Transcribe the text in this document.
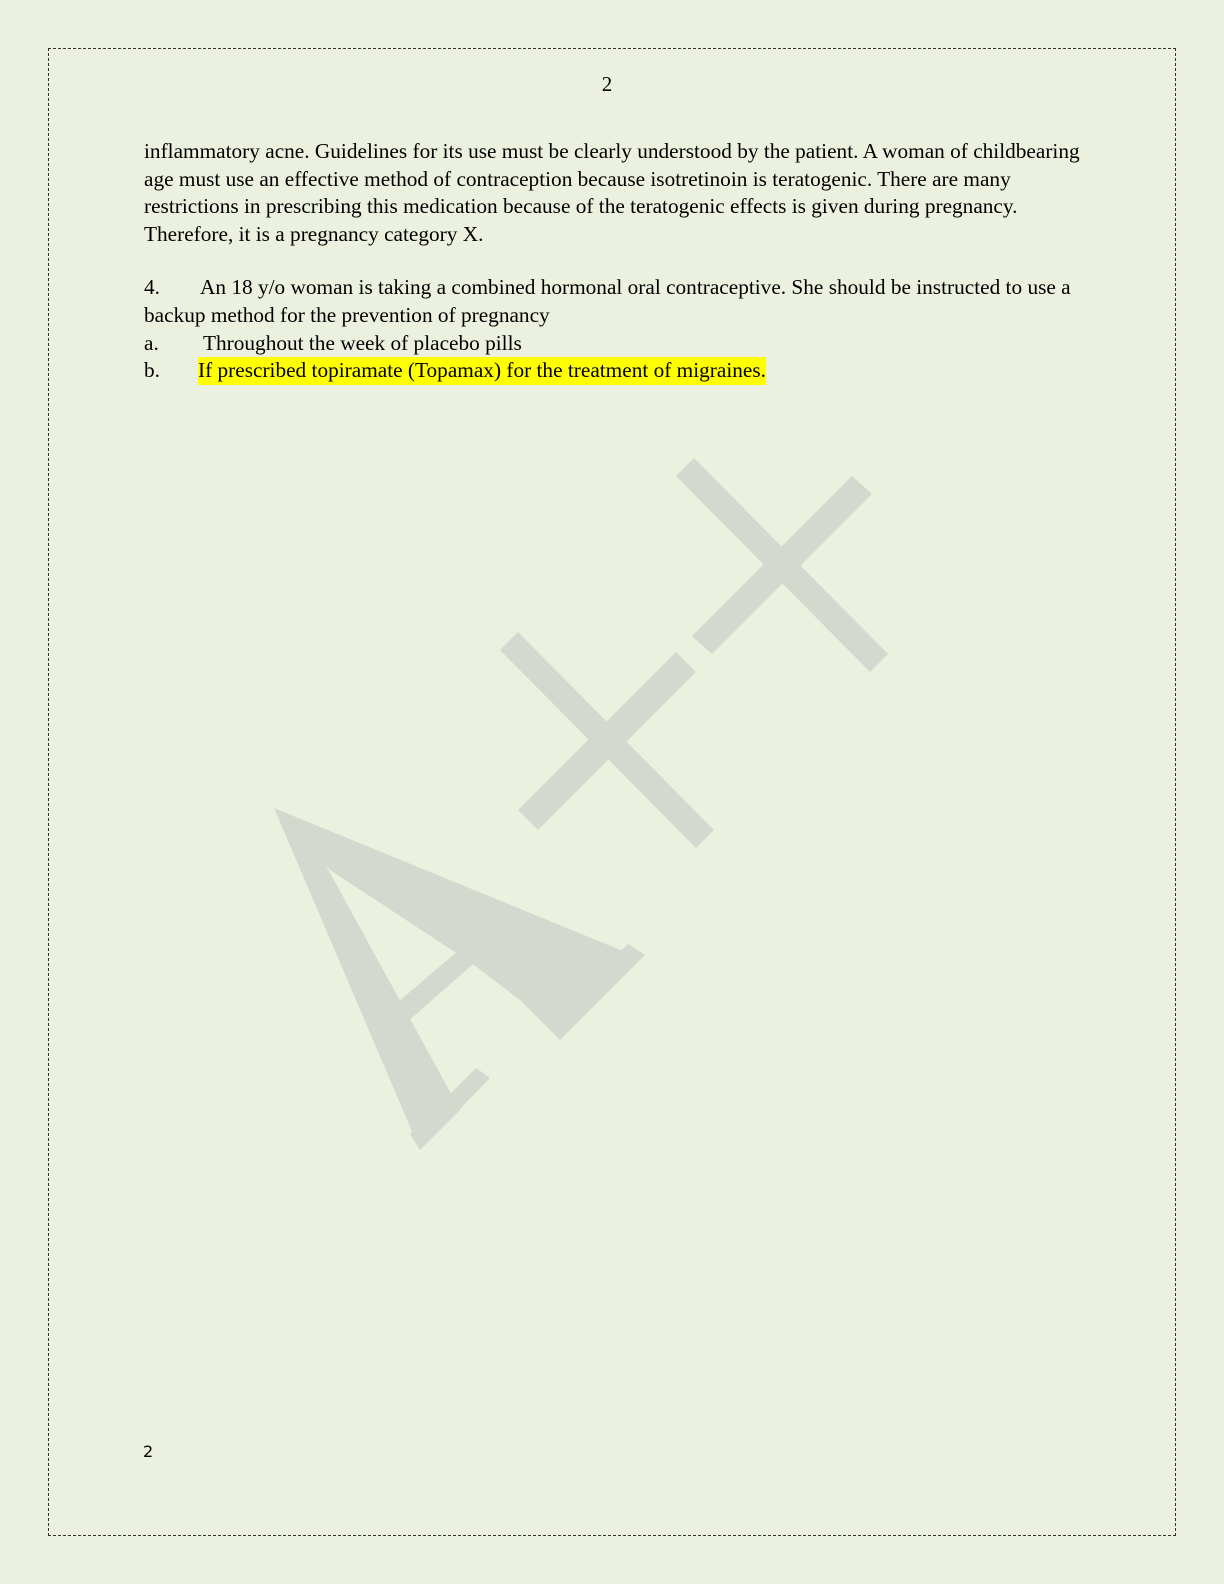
2

inflammatory acne. Guidelines for its use must be clearly understood by the patient. A woman of childbearing age must use an effective method of contraception because isotretinoin is teratogenic. There are many restrictions in prescribing this medication because of the teratogenic effects is given during pregnancy. Therefore, it is a pregnancy category X.

4. An 18 y/o woman is taking a combined hormonal oral contraceptive. She should be instructed to use a backup method for the prevention of pregnancy

a.	Throughout the week of placebo pills
b.	If prescribed topiramate (Topamax) for the treatment of migraines.
2
